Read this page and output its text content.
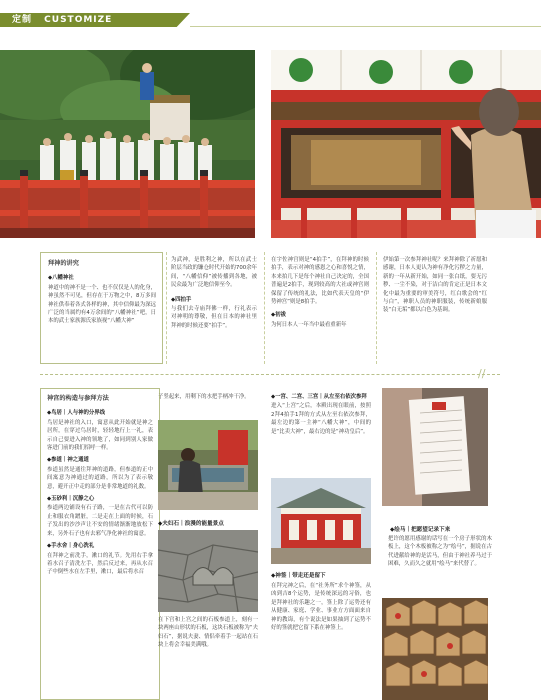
定制 CUSTOMIZE
拜神的讲究
◆八幡神社
神道中的神不是一个、也不仅仅是人的化身，神虽然不可见，但存在于万物之中，8万多间神社供奉着各式各样的神，其中信仰最为深远广泛的当属约有4万余间的“八幡神社”吧，日本的武士家族源氏家族视“八幡大神”
为武神，是胜利之神，所以在武士阶层当政的镰仓时代开始的700余年间，“八幡信仰”被传播到各地，被民众最为广泛地信仰至今。
◆四拍手
与我们去寺庙拜佛一样，行礼表示对神明的尊敬，但在日本的神社里拜神的时候还要“拍手”。
在宇佐神宫则是“4拍手”，在拜神的时候拍手，表示对神的感恩之心和喜悦之情，本来拍几下是每个神社自己决定的，全国普遍是2拍手，现到较高的大社或神宫则保留了传统的礼法，比如代表天皇的“伊势神宫”则是8拍手。
◆初祓
为何日本人一年当中最看重新年
伊始第一次参拜神社呢？来拜神除了祈愿和感谢，日本人更认为神有净化污秽之力量，新的一年从新开始，如同一张白纸，要无污秽、一尘不染，对于洁白的肯定正是日本文化中最为重要的审美符号，红白歌会的“红与白”，神职人员的神职服装，传统新娘服装“白无垢”都以白色为基调。
//
神宫的构造与参拜方法
◆鸟居｜人与神的分界线
鸟居是神社的入口，寓意从此开始就是神之居所，在穿过鸟居时，轻轻地行上一礼，表示自己要进入神的领地了，如同到别人家做客进门前的我们招呼一样。
◆参道｜神之通道
参道虽然是通往拜神的道路，但参道的正中间寓意为神通过的道路，所以为了表示敬意，避开正中走的部分是非常地道的礼数。
◆玉砂利｜沉静之心
参道两边铺设有石子路，一是在古代可以防止和服衣角蹭脏，二是走在上面的时候，石子发出的沙沙声让不安的情绪渐渐地放松下来，另外石子也有去邪气净化神社的寓意。
◆手水舍｜身心洗礼
在拜神之前洗手，漱口的礼节。先用右手拿着水召子清洗左手，然后反过来，再从水召子中倒些水在左手里，漱口，最后将水召
子竖起来，用剩下的水把手柄冲干净。
◆夫妇石｜浪漫的能量景点
在下宫和上宫之间的石板参道上，刻有一块两座山形状的石板，这块石板被称为“夫妇石”，据说夫妻、情侣牵着手一起站在石块上将会幸福美满哦。
◆一宫、二宫、三宫｜从左至右依次参拜
进入“上宫”之后，本殿出现在眼前，按照2拜4拍手1拜的方式从左至右依次参拜，最左边的第一主神“八幡大神”，中间的是“比卖大神”，最右边的是“神功皇后”。
◆神签｜带走还是留下
在拜完神之后，在“社务所”求个神签，从凶到吉8个运势，是传统深远的习俗，也是拜神社的乐趣之一，签上除了运势还有从健康、家庭、学业、事业方方面面来自神的教诲，有个说法是如果抽到了运势不好的签就把它留下系在神签上。
◆绘马｜把愿望记录下来
把许的愿用感谢的话写在一个房子形状的木板上，这个木板被称之为“绘马”，据说在古代进献给神的是活马，但由于神社养马过于困难，久而久之就用“绘马”来代替了。
